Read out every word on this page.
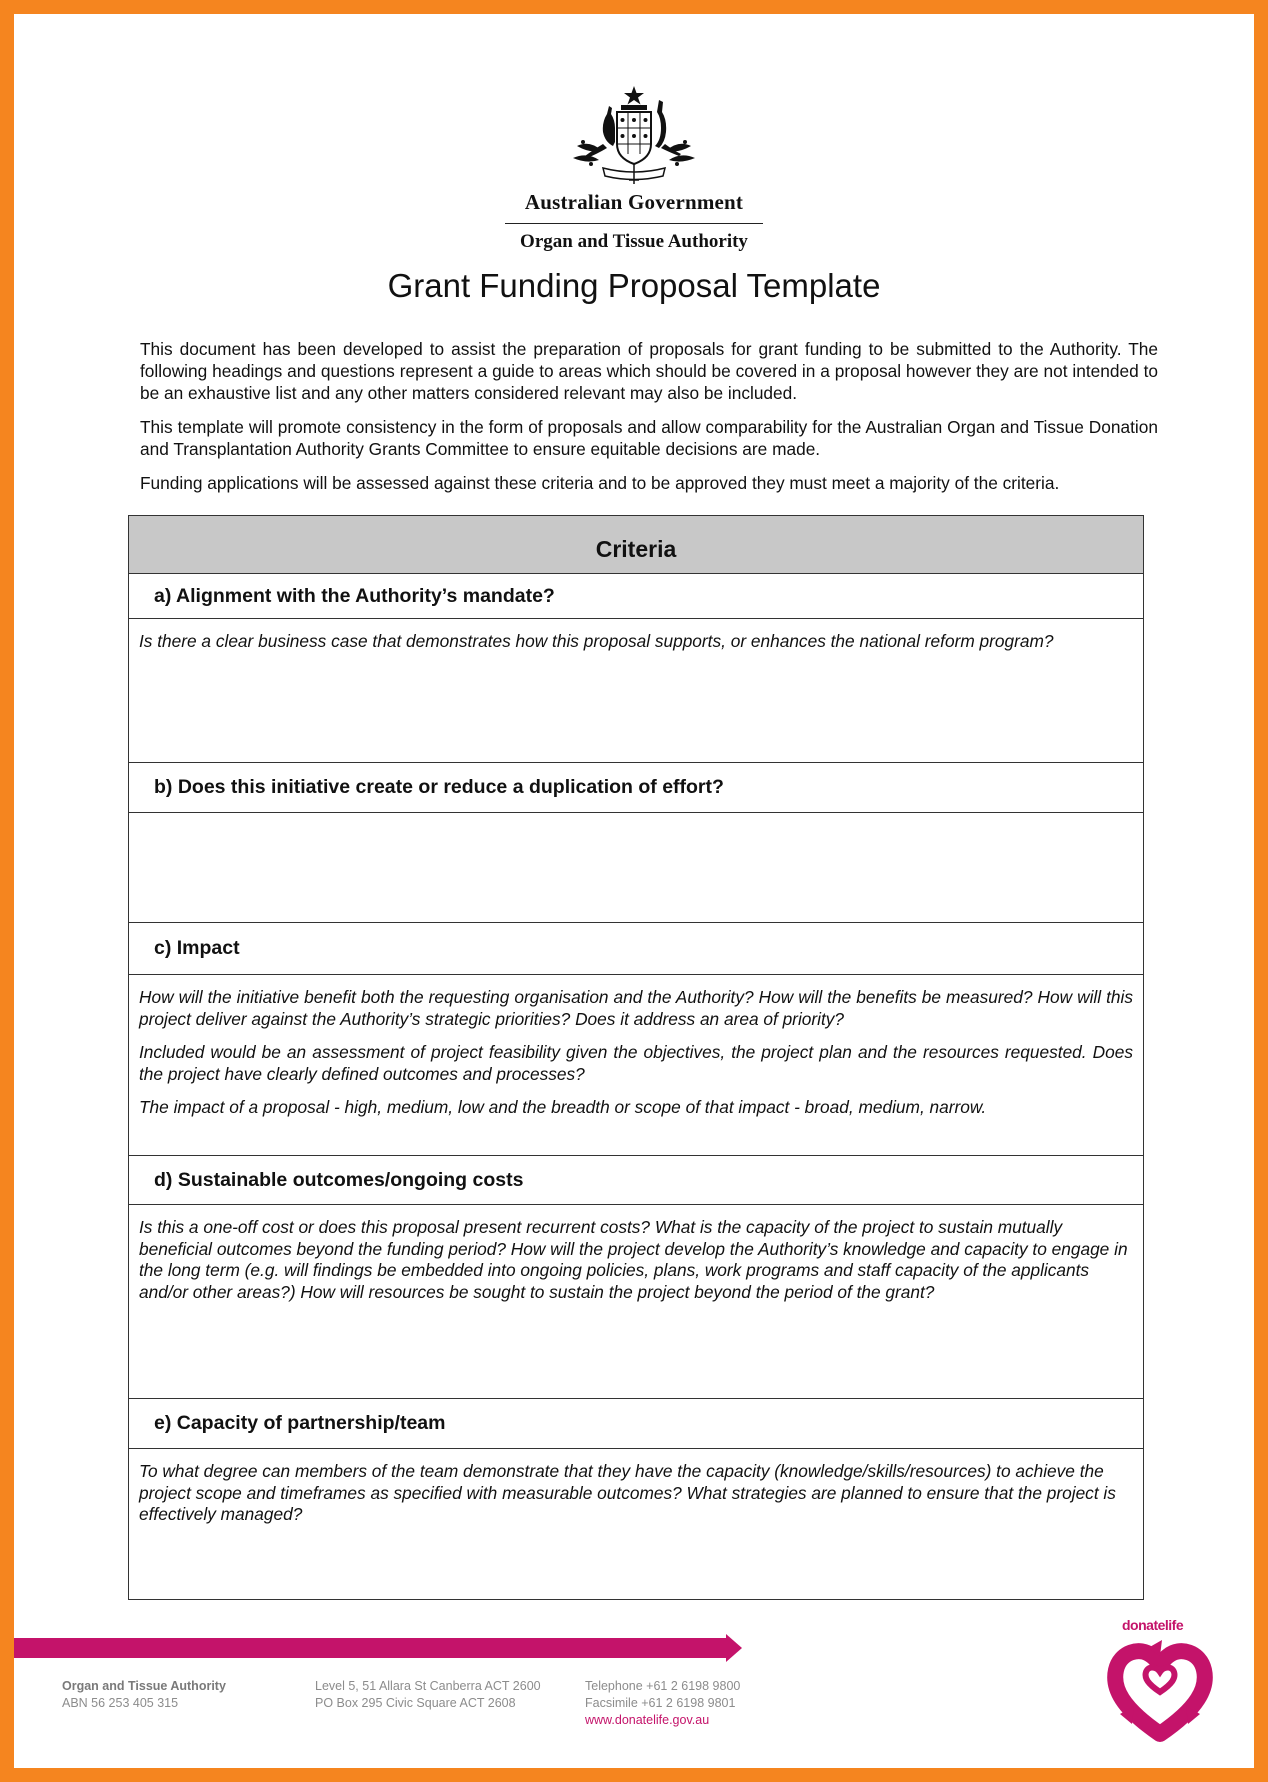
Australian Government
Organ and Tissue Authority
Grant Funding Proposal Template

This document has been developed to assist the preparation of proposals for grant funding to be submitted to the Authority. The following headings and questions represent a guide to areas which should be covered in a proposal however they are not intended to be an exhaustive list and any other matters considered relevant may also be included.

This template will promote consistency in the form of proposals and allow comparability for the Australian Organ and Tissue Donation and Transplantation Authority Grants Committee to ensure equitable decisions are made.

Funding applications will be assessed against these criteria and to be approved they must meet a majority of the criteria.

Criteria
a) Alignment with the Authority’s mandate?

Is there a clear business case that demonstrates how this proposal supports, or enhances the national reform program?

b) Does this initiative create or reduce a duplication of effort?
c) Impact

How will the initiative benefit both the requesting organisation and the Authority? How will the benefits be measured? How will this project deliver against the Authority’s strategic priorities? Does it address an area of priority?

Included would be an assessment of project feasibility given the objectives, the project plan and the resources requested. Does the project have clearly defined outcomes and processes?

The impact of a proposal - high, medium, low and the breadth or scope of that impact - broad, medium, narrow.

d) Sustainable outcomes/ongoing costs

Is this a one-off cost or does this proposal present recurrent costs? What is the capacity of the project to sustain mutually beneficial outcomes beyond the funding period? How will the project develop the Authority’s knowledge and capacity to engage in the long term (e.g. will findings be embedded into ongoing policies, plans, work programs and staff capacity of the applicants and/or other areas?) How will resources be sought to sustain the project beyond the period of the grant?

e) Capacity of partnership/team

To what degree can members of the team demonstrate that they have the capacity (knowledge/skills/resources) to achieve the project scope and timeframes as specified with measurable outcomes? What strategies are planned to ensure that the project is effectively managed?

Organ and Tissue Authority
ABN 56 253 405 315
Level 5, 51 Allara St Canberra ACT 2600
PO Box 295 Civic Square ACT 2608
Telephone +61 2 6198 9800
Facsimile +61 2 6198 9801
www.donatelife.gov.au
donatelife
